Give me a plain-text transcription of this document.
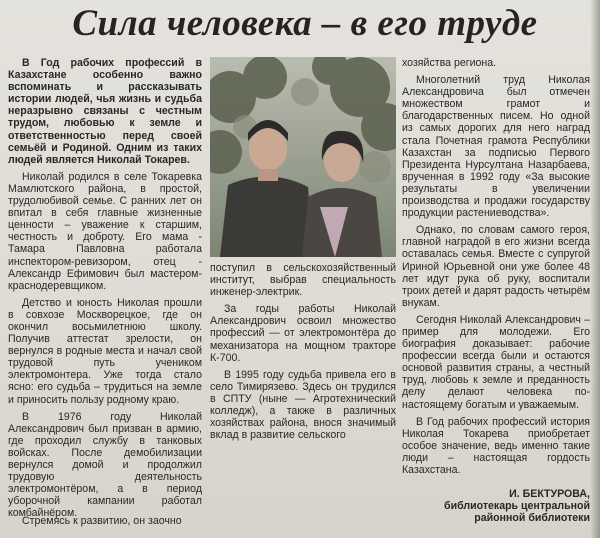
Сила человека – в его труде

В Год рабочих профессий в Казахстане особенно важно вспоминать и рассказывать истории людей, чья жизнь и судьба неразрывно связаны с честным трудом, любовью к земле и ответственностью перед своей семьёй и Родиной. Одним из таких людей является Николай Токарев.

Николай родился в селе Токаревка Мамлютского района, в простой, трудолюбивой семье. С ранних лет он впитал в себя главные жизненные ценности – уважение к старшим, честность и доброту. Его мама - Тамара Павловна работала инспектором-ревизором, отец - Александр Ефимович был мастером-краснодеревщиком.

Детство и юность Николая прошли в совхозе Москворецкое, где он окончил восьмилетнюю школу. Получив аттестат зрелости, он вернулся в родные места и начал свой трудовой путь учеником электромонтера. Уже тогда стало ясно: его судьба – трудиться на земле и приносить пользу родному краю.

В 1976 году Николай Александрович был призван в армию, где проходил службу в танковых войсках. После демобилизации вернулся домой и продолжил трудовую деятельность электромонтёром, а в период уборочной кампании работал комбайнёром.

Стремясь к развитию, он заочно

поступил в сельскохозяйственный институт, выбрав специальность инженер-электрик.

За годы работы Николай Александрович освоил множество профессий — от электромонтёра до механизатора на мощном тракторе К-700.

В 1995 году судьба привела его в село Тимирязево. Здесь он трудился в СПТУ (ныне — Агротехнический колледж), а также в различных хозяйствах района, внося значимый вклад в развитие сельского

хозяйства региона.

Многолетний труд Николая Александровича был отмечен множеством грамот и благодарственных писем. Но одной из самых дорогих для него наград стала Почетная грамота Республики Казахстан за подписью Первого Президента Нурсултана Назарбаева, врученная в 1992 году «За высокие результаты в увеличении производства и продажи государству продукции растениеводства».

Однако, по словам самого героя, главной наградой в его жизни всегда оставалась семья. Вместе с супругой Ириной Юрьевной они уже более 48 лет идут рука об руку, воспитали троих детей и дарят радость четырём внукам.

Сегодня Николай Александрович – пример для молодежи. Его биография доказывает: рабочие профессии всегда были и остаются основой развития страны, а честный труд, любовь к земле и преданность делу делают человека по-настоящему богатым и уважаемым.

В Год рабочих профессий история Николая Токарева приобретает особое значение, ведь именно такие люди – настоящая гордость Казахстана.

И. БЕКТУРОВА,
библиотекарь центральной
районной библиотеки
